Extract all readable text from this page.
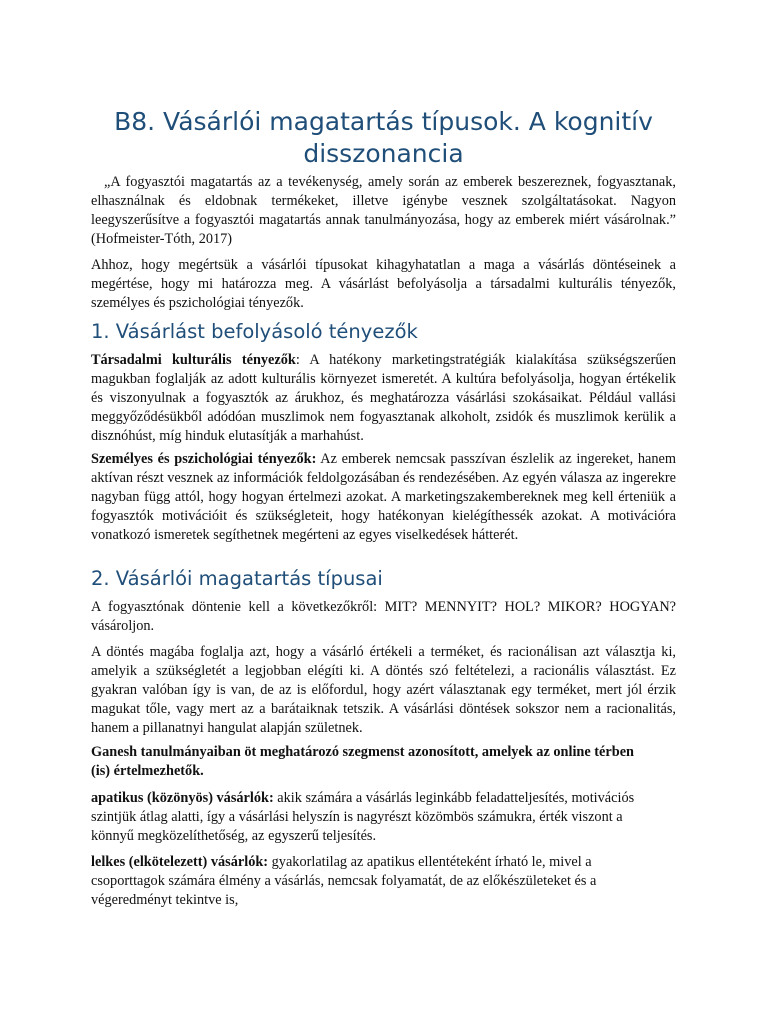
B8. Vásárlói magatartás típusok. A kognitív disszonancia

„A fogyasztói magatartás az a tevékenység, amely során az emberek beszereznek, fogyasztanak, elhasználnak és eldobnak termékeket, illetve igénybe vesznek szolgáltatásokat. Nagyon leegyszerűsítve a fogyasztói magatartás annak tanulmányozása, hogy az emberek miért vásárolnak.” (Hofmeister-Tóth, 2017)

Ahhoz, hogy megértsük a vásárlói típusokat kihagyhatatlan a maga a vásárlás döntéseinek a megértése, hogy mi határozza meg. A vásárlást befolyásolja a társadalmi kulturális tényezők, személyes és pszichológiai tényezők.

1. Vásárlást befolyásoló tényezők

Társadalmi kulturális tényezők: A hatékony marketingstratégiák kialakítása szükségszerűen magukban foglalják az adott kulturális környezet ismeretét. A kultúra befolyásolja, hogyan értékelik és viszonyulnak a fogyasztók az árukhoz, és meghatározza vásárlási szokásaikat. Például vallási meggyőződésükből adódóan muszlimok nem fogyasztanak alkoholt, zsidók és muszlimok kerülik a disznóhúst, míg hinduk elutasítják a marhahúst.

Személyes és pszichológiai tényezők: Az emberek nemcsak passzívan észlelik az ingereket, hanem aktívan részt vesznek az információk feldolgozásában és rendezésében. Az egyén válasza az ingerekre nagyban függ attól, hogy hogyan értelmezi azokat. A marketingszakembereknek meg kell érteniük a fogyasztók motivációit és szükségleteit, hogy hatékonyan kielégíthessék azokat. A motivációra vonatkozó ismeretek segíthetnek megérteni az egyes viselkedések hátterét.

2. Vásárlói magatartás típusai

A fogyasztónak döntenie kell a következőkről: MIT? MENNYIT? HOL? MIKOR? HOGYAN? vásároljon.

A döntés magába foglalja azt, hogy a vásárló értékeli a terméket, és racionálisan azt választja ki, amelyik a szükségletét a legjobban elégíti ki. A döntés szó feltételezi, a racionális választást. Ez gyakran valóban így is van, de az is előfordul, hogy azért választanak egy terméket, mert jól érzik magukat tőle, vagy mert az a barátaiknak tetszik. A vásárlási döntések sokszor nem a racionalitás, hanem a pillanatnyi hangulat alapján születnek.

Ganesh tanulmányaiban öt meghatározó szegmenst azonosított, amelyek az online térben (is) értelmezhetők.

apatikus (közönyös) vásárlók: akik számára a vásárlás leginkább feladatteljesítés, motivációs szintjük átlag alatti, így a vásárlási helyszín is nagyrészt közömbös számukra, érték viszont a könnyű megközelíthetőség, az egyszerű teljesítés.

lelkes (elkötelezett) vásárlók: gyakorlatilag az apatikus ellentéteként írható le, mivel a csoporttagok számára élmény a vásárlás, nemcsak folyamatát, de az előkészületeket és a végeredményt tekintve is,
